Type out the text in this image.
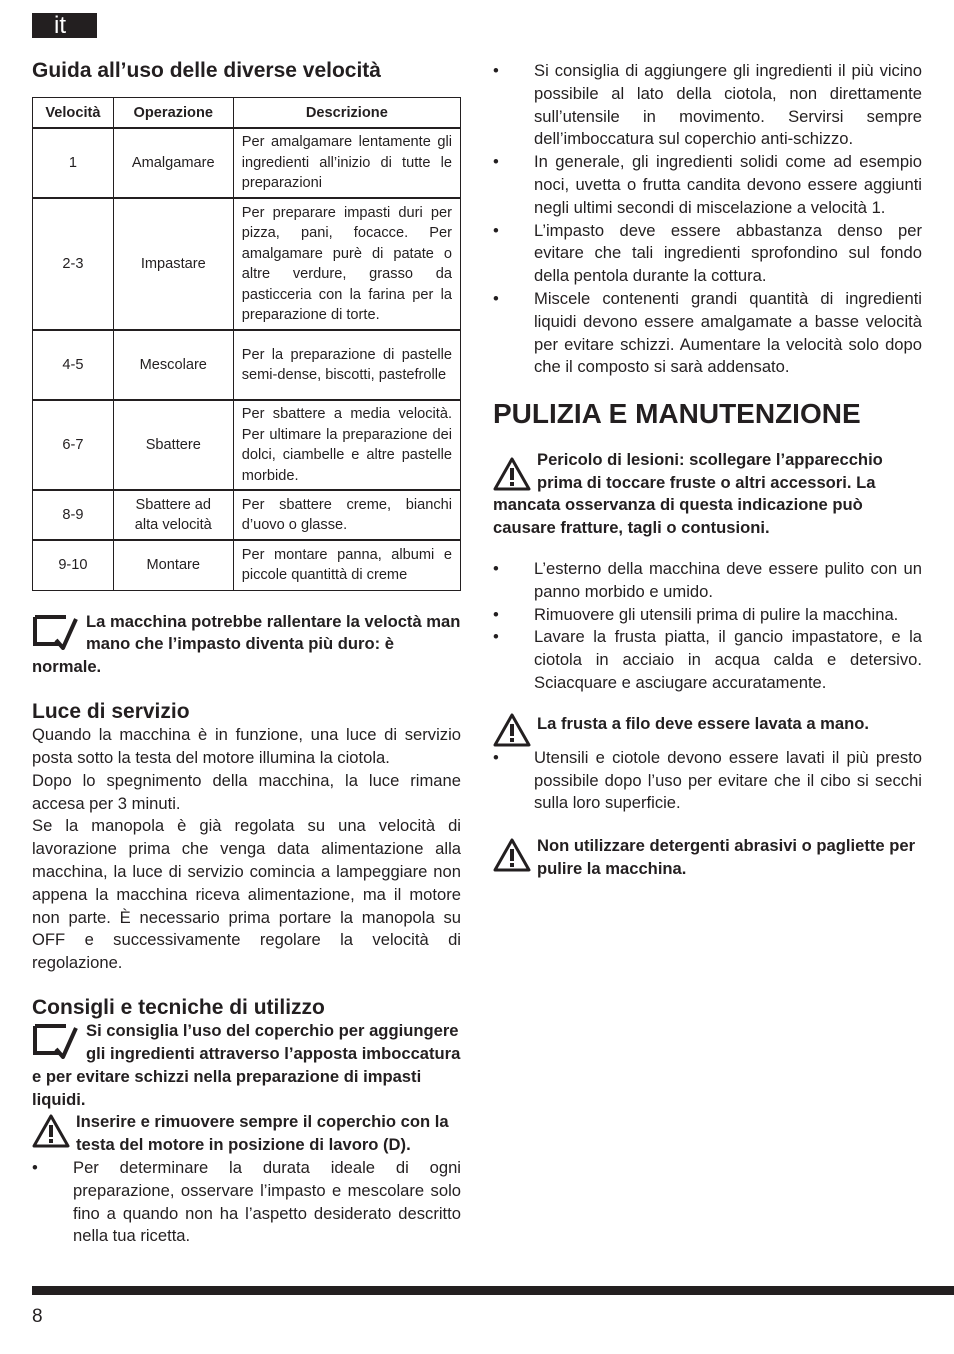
it
Guida all’uso delle diverse velocità
Velocità	Operazione	Descrizione
1	Amalgamare	Per amalgamare lentamente gli ingredienti all’inizio di tutte le preparazioni
2-3	Impastare	Per preparare impasti duri per pizza, pani, focacce. Per amalgamare purè di patate o altre verdure, grasso da pasticceria con la farina per la preparazione di torte.
4-5	Mescolare	Per la preparazione di pastelle semi-dense, biscotti, pastefrolle
6-7	Sbattere	Per sbattere a media velocità. Per ultimare la preparazione dei dolci, ciambelle e altre pastelle morbide.
8-9	Sbattere ad alta velocità	Per sbattere creme, bianchi d’uovo o glasse.
9-10	Montare	Per montare panna, albumi e piccole quantittà di creme
La macchina potrebbe rallentare la veloctà man mano che l’impasto diventa più duro: è normale.
Luce di servizio

Quando la macchina è in funzione, una luce di servizio posta sotto la testa del motore illumina la ciotola.

Dopo lo spegnimento della macchina, la luce rimane accesa per 3 minuti.

Se la manopola è già regolata su una velocità di lavorazione prima che venga data alimentazione alla macchina, la luce di servizio comincia a lampeggiare non appena la macchina riceva alimentazione, ma il motore non parte. È necessario prima portare la manopola su OFF e successivamente regolare la velocità di regolazione.

Consigli e tecniche di utilizzo
Si consiglia l’uso del coperchio per aggiungere gli ingredienti attraverso l’apposta imboccatura e per evitare schizzi nella preparazione di impasti liquidi.
Inserire e rimuovere sempre il coperchio con la testa del motore in posizione di lavoro (D).
• Per determinare la durata ideale di ogni preparazione, osservare l’impasto e mescolare solo fino a quando non ha l’aspetto desiderato descritto nella tua ricetta.
• Si consiglia di aggiungere gli ingredienti il più vicino possibile al lato della ciotola, non direttamente sull’utensile in movimento. Servirsi sempre dell’imboccatura sul coperchio anti-schizzo.
• In generale, gli ingredienti solidi come ad esempio noci, uvetta o frutta candita devono essere aggiunti negli ultimi secondi di miscelazione a velocità 1.
• L’impasto deve essere abbastanza denso per evitare che tali ingredienti sprofondino sul fondo della pentola durante la cottura.
• Miscele contenenti grandi quantità di ingredienti liquidi devono essere amalgamate a basse velocità per evitare schizzi. Aumentare la velocità solo dopo che il composto si sarà addensato.
PULIZIA E MANUTENZIONE
Pericolo di lesioni: scollegare l’apparecchio prima di toccare fruste o altri accessori. La mancata osservanza di questa indicazione può causare fratture, tagli o contusioni.
• L’esterno della macchina deve essere pulito con un panno morbido e umido.
• Rimuovere gli utensili prima di pulire la macchina.
• Lavare la frusta piatta, il gancio impastatore, e la ciotola in acciaio in acqua calda e detersivo. Sciacquare e asciugare accuratamente.
La frusta a filo deve essere lavata a mano.
• Utensili e ciotole devono essere lavati il più presto possibile dopo l’uso per evitare che il cibo si secchi sulla loro superficie.
Non utilizzare detergenti abrasivi o pagliette per pulire la macchina.
8
